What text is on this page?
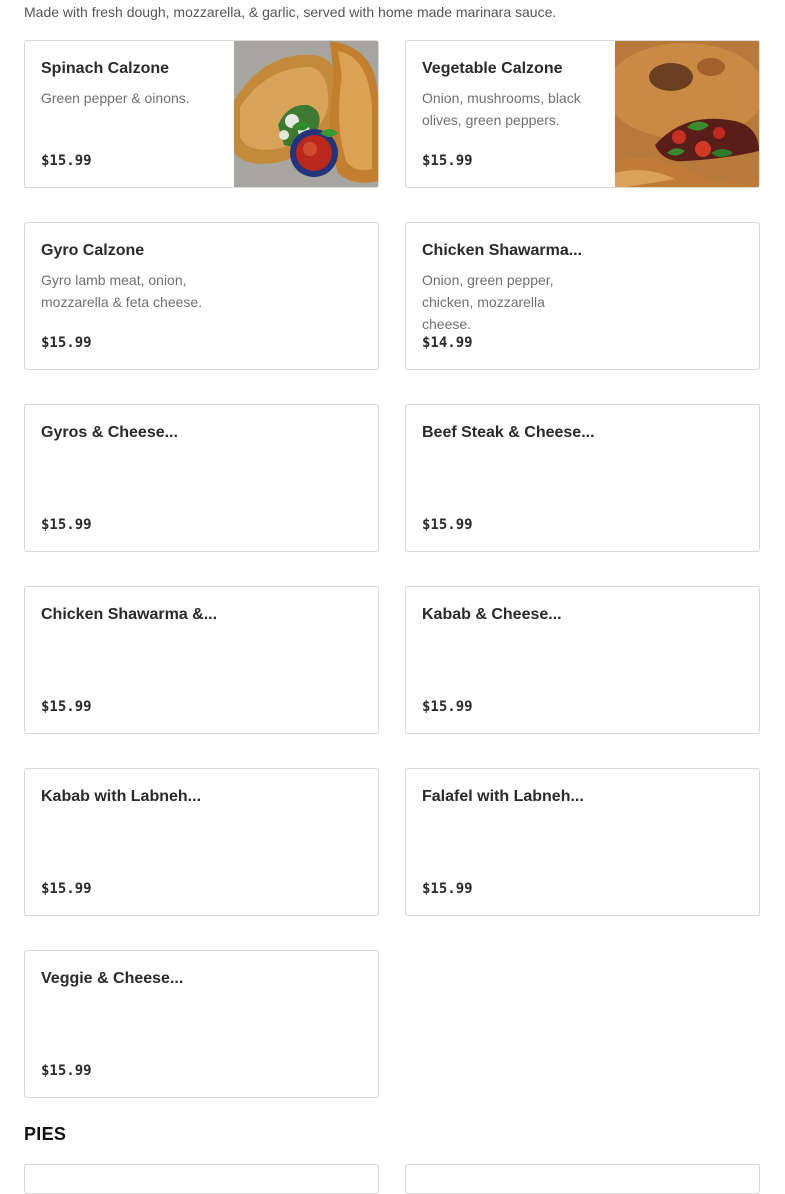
Made with fresh dough, mozzarella, & garlic, served with home made marinara sauce.

Spinach Calzone
Green pepper & oinons.
$15.99
Vegetable Calzone
Onion, mushrooms, black olives, green peppers.
$15.99
Gyro Calzone
Gyro lamb meat, onion, mozzarella & feta cheese.
$15.99
Chicken Shawarma...
Onion, green pepper, chicken, mozzarella cheese.
$14.99
Gyros & Cheese...
$15.99
Beef Steak & Cheese...
$15.99
Chicken Shawarma &...
$15.99
Kabab & Cheese...
$15.99
Kabab with Labneh...
$15.99
Falafel with Labneh...
$15.99
Veggie & Cheese...
$15.99
PIES
